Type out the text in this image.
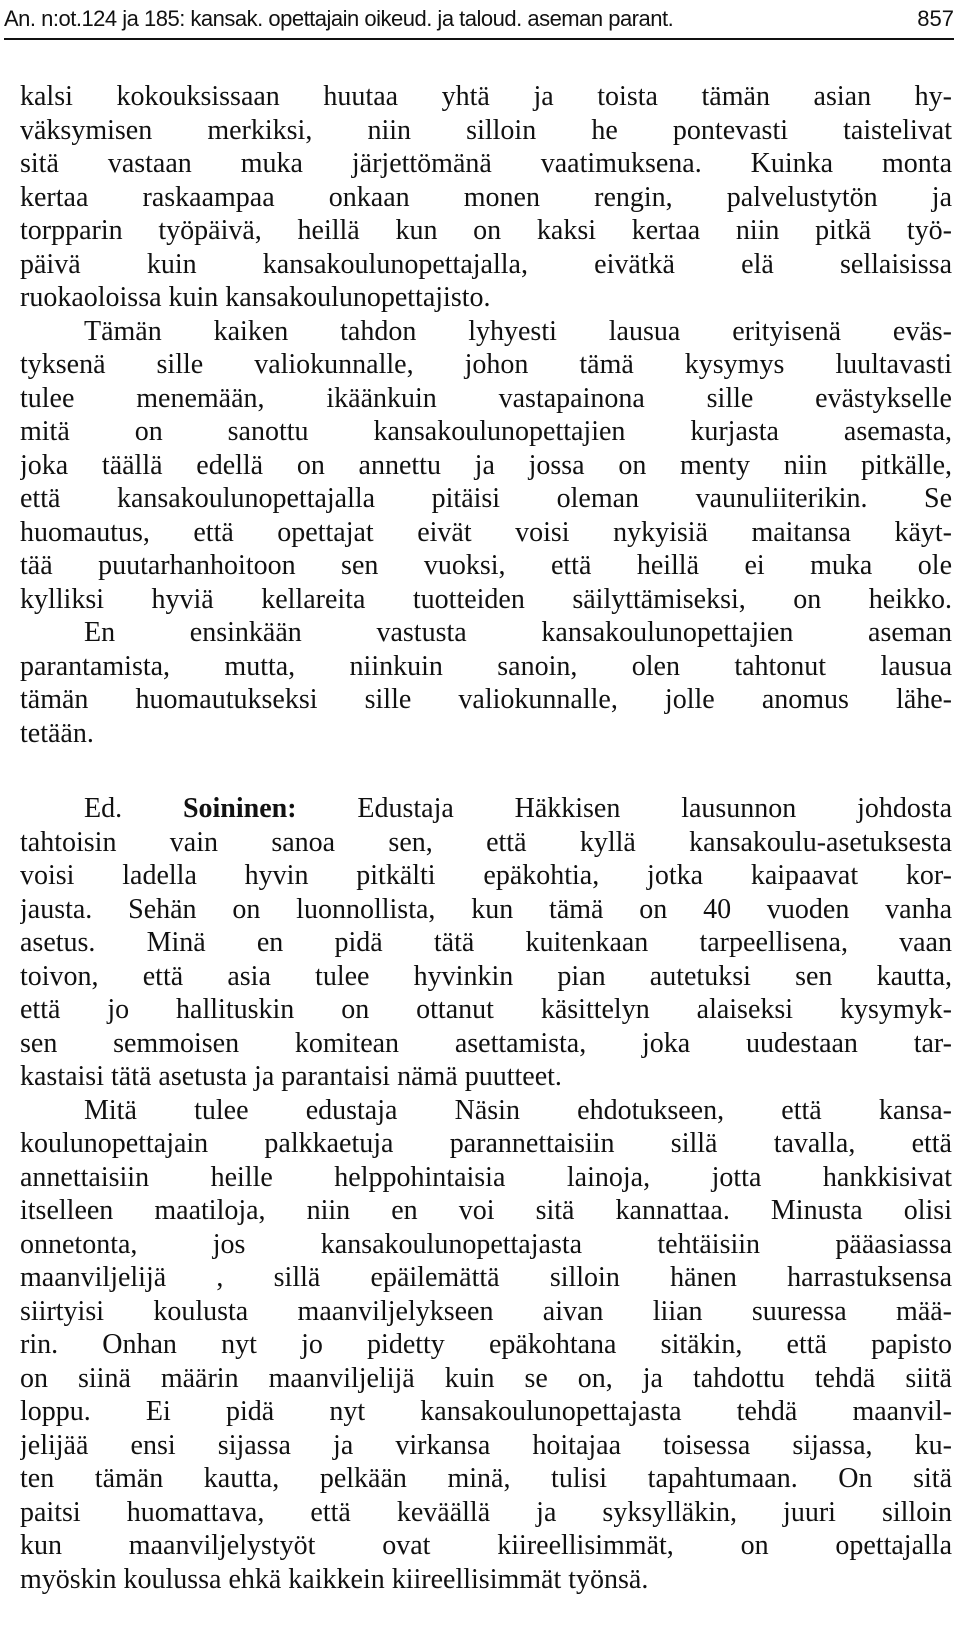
An. n:ot.124 ja 185: kansak. opettajain oikeud. ja taloud. aseman parant.	857
kalsi kokouksissaan huutaa yhtä ja toista tämän asian hy-
väksymisen merkiksi, niin silloin he pontevasti taistelivat
sitä vastaan muka järjettömänä vaatimuksena. Kuinka monta
kertaa raskaampaa onkaan monen rengin, palvelustytön ja
torpparin työpäivä, heillä kun on kaksi kertaa niin pitkä työ-
päivä kuin kansakoulunopettajalla, eivätkä elä sellaisissa
ruokaoloissa kuin kansakoulunopettajisto.
Tämän kaiken tahdon lyhyesti lausua erityisenä eväs-
tyksenä sille valiokunnalle, johon tämä kysymys luultavasti
tulee menemään, ikäänkuin vastapainona sille evästykselle
mitä on sanottu kansakoulunopettajien kurjasta asemasta,
joka täällä edellä on annettu ja jossa on menty niin pitkälle,
että kansakoulunopettajalla pitäisi oleman vaunuliiterikin. Se
huomautus, että opettajat eivät voisi nykyisiä maitansa käyt-
tää puutarhanhoitoon sen vuoksi, että heillä ei muka ole
kylliksi hyviä kellareita tuotteiden säilyttämiseksi, on heikko.
En ensinkään vastusta kansakoulunopettajien aseman
parantamista, mutta, niinkuin sanoin, olen tahtonut lausua
tämän huomautukseksi sille valiokunnalle, jolle anomus lähe-
tetään.
Ed. Soininen: Edustaja Häkkisen lausunnon johdosta
tahtoisin vain sanoa sen, että kyllä kansakoulu-asetuksesta
voisi ladella hyvin pitkälti epäkohtia, jotka kaipaavat kor-
jausta. Sehän on luonnollista, kun tämä on 40 vuoden vanha
asetus. Minä en pidä tätä kuitenkaan tarpeellisena, vaan
toivon, että asia tulee hyvinkin pian autetuksi sen kautta,
että jo hallituskin on ottanut käsittelyn alaiseksi kysymyk-
sen semmoisen komitean asettamista, joka uudestaan tar-
kastaisi tätä asetusta ja parantaisi nämä puutteet.
Mitä tulee edustaja Näsin ehdotukseen, että kansa-
koulunopettajain palkkaetuja parannettaisiin sillä tavalla, että
annettaisiin heille helppohintaisia lainoja, jotta hankkisivat
itselleen maatiloja, niin en voi sitä kannattaa. Minusta olisi
onnetonta, jos kansakoulunopettajasta tehtäisiin pääasiassa
maanviljelijä , sillä epäilemättä silloin hänen harrastuksensa
siirtyisi koulusta maanviljelykseen aivan liian suuressa mää-
rin. Onhan nyt jo pidetty epäkohtana sitäkin, että papisto
on siinä määrin maanviljelijä kuin se on, ja tahdottu tehdä siitä
loppu. Ei pidä nyt kansakoulunopettajasta tehdä maanvil-
jelijää ensi sijassa ja virkansa hoitajaa toisessa sijassa, ku-
ten tämän kautta, pelkään minä, tulisi tapahtumaan. On sitä
paitsi huomattava, että keväällä ja syksylläkin, juuri silloin
kun maanviljelystyöt ovat kiireellisimmät, on opettajalla
myöskin koulussa ehkä kaikkein kiireellisimmät työnsä.
